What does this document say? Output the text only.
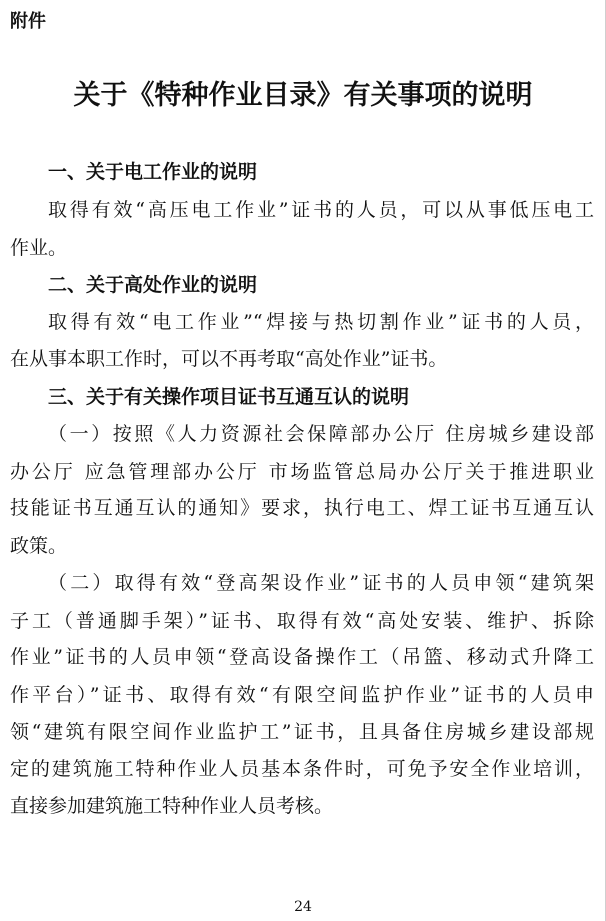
附件
关于《特种作业目录》有关事项的说明
一、关于电工作业的说明
取得有效“高压电工作业”证书的人员，可以从事低压电工
作业。
二、关于高处作业的说明
取得有效“电工作业”“焊接与热切割作业”证书的人员，
在从事本职工作时，可以不再考取“高处作业”证书。
三、关于有关操作项目证书互通互认的说明
（一）按照《人力资源社会保障部办公厅 住房城乡建设部
办公厅 应急管理部办公厅 市场监管总局办公厅关于推进职业
技能证书互通互认的通知》要求，执行电工、焊工证书互通互认
政策。
（二）取得有效“登高架设作业”证书的人员申领“建筑架
子工（普通脚手架）”证书、取得有效“高处安装、维护、拆除
作业”证书的人员申领“登高设备操作工（吊篮、移动式升降工
作平台）”证书、取得有效“有限空间监护作业”证书的人员申
领“建筑有限空间作业监护工”证书，且具备住房城乡建设部规
定的建筑施工特种作业人员基本条件时，可免予安全作业培训，
直接参加建筑施工特种作业人员考核。
24
